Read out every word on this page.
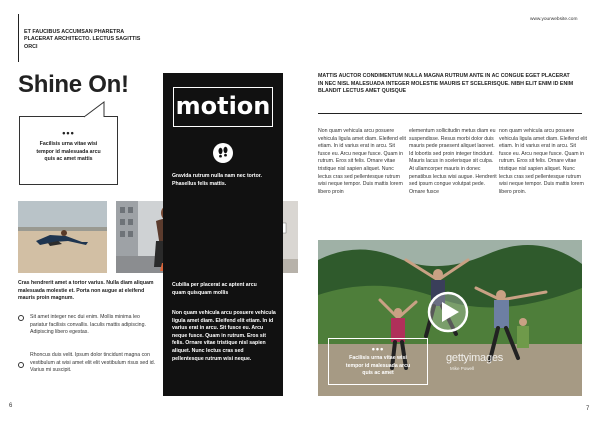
ET FAUCIBUS ACCUMSAN PHARETRA PLACERAT ARCHITECTO. LECTUS SAGITTIS ORCI
Shine On!
•••
Facilisis urna vitae wisi tempor id malesuada arcu quis ac amet mattis
Cras hendrerit amet a tortor varius. Nulla diam aliquam malesuada molestie et. Porta non augue at eleifend mauris proin magnum.
Sit amet integer nec dui enim. Mollis minima leo pariatur facilisis convallis. Iaculis mattis adipiscing. Adipiscing libero egestas.
Rhoncus duis velit. Ipsum dolor tincidunt magna con vestibulum at wisi amet elit elit vestibulum risus sed id. Varius mi suscipit.
6
motion
Gravida rutrum nulla nam nec tortor. Phasellus felis mattis.
Cubilia per placerat ac aptent arcu quam quisquam mollis
Non quam vehicula arcu posuere vehicula ligula amet diam. Eleifend elit etiam. In id varius erat in arcu. Sit fusce eu. Arcu neque fusce. Quam in rutrum. Eros sit felis. Ornare vitae tristique nisl sapien aliquet. Nunc lectus cras sed pellentesque rutrum wisi neque.
www.yourwebsite.com
MATTIS AUCTOR CONDIMENTUM NULLA MAGNA RUTRUM ANTE IN AC CONGUE EGET PLACERAT IN NEC NISL MALESUADA INTEGER MOLESTIE MAURIS ET SCELERISQUE. NIBH ELIT ENIM ID ENIM BLANDIT LECTUS AMET QUISQUE
Non quam vehicula arcu posuere vehicula ligula amet diam. Eleifend elit etiam. In id varius erat in arcu. Sit fusce eu. Arcu neque fusce. Quam in rutrum. Eros sit felis. Ornare vitae tristique nisl sapien aliquet. Nunc lectus cras sed pellentesque rutrum wisi neque tempor. Duis mattis lorem libero proin
elementum sollicitudin metus diam eu suspendisse. Resus morbi dolor duis mauris pede praesent aliquet laoreet. Id lobortis sed proin integer tincidunt. Mauris lacus in scelerisque sit culpa. At ullamcorper mauris in donec penatibus lectus wisi augue. Hendrerit sed ipsum congue volutpat pede. Ornare fusce
non quam vehicula arcu posuere vehicula ligula amet diam. Eleifend elit etiam. In id varius erat in arcu. Sit fusce eu. Arcu neque fusce. Quam in rutrum. Eros sit felis. Ornare vitae tristique nisl sapien aliquet. Nunc lectus cras sed pellentesque rutrum wisi neque tempor. Duis mattis lorem libero proin.
gettyimages
Mike Powell
•••
Facilisis urna vitae wisi tempor id malesuada arcu quis ac amet
7
